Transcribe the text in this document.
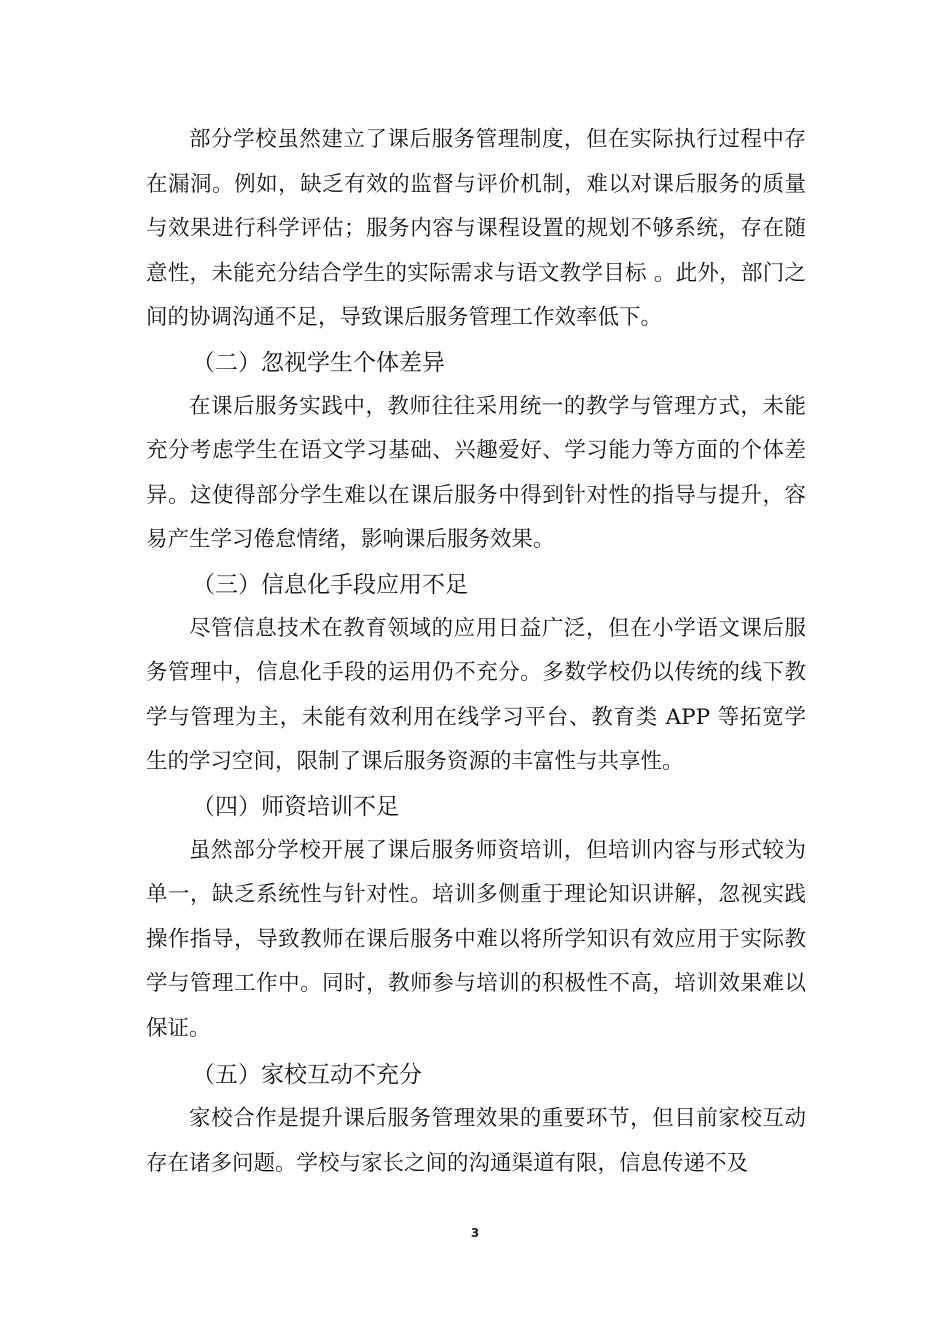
部分学校虽然建立了课后服务管理制度，但在实际执行过程中存在漏洞。例如，缺乏有效的监督与评价机制，难以对课后服务的质量与效果进行科学评估；服务内容与课程设置的规划不够系统，存在随意性，未能充分结合学生的实际需求与语文教学目标 。此外，部门之间的协调沟通不足，导致课后服务管理工作效率低下。

（二）忽视学生个体差异

在课后服务实践中，教师往往采用统一的教学与管理方式，未能充分考虑学生在语文学习基础、兴趣爱好、学习能力等方面的个体差异。这使得部分学生难以在课后服务中得到针对性的指导与提升，容易产生学习倦怠情绪，影响课后服务效果。

（三）信息化手段应用不足

尽管信息技术在教育领域的应用日益广泛，但在小学语文课后服务管理中，信息化手段的运用仍不充分。多数学校仍以传统的线下教学与管理为主，未能有效利用在线学习平台、教育类 APP 等拓宽学生的学习空间，限制了课后服务资源的丰富性与共享性。

（四）师资培训不足

虽然部分学校开展了课后服务师资培训，但培训内容与形式较为单一，缺乏系统性与针对性。培训多侧重于理论知识讲解，忽视实践操作指导，导致教师在课后服务中难以将所学知识有效应用于实际教学与管理工作中。同时，教师参与培训的积极性不高，培训效果难以保证。

（五）家校互动不充分

家校合作是提升课后服务管理效果的重要环节，但目前家校互动存在诸多问题。学校与家长之间的沟通渠道有限，信息传递不及

3
